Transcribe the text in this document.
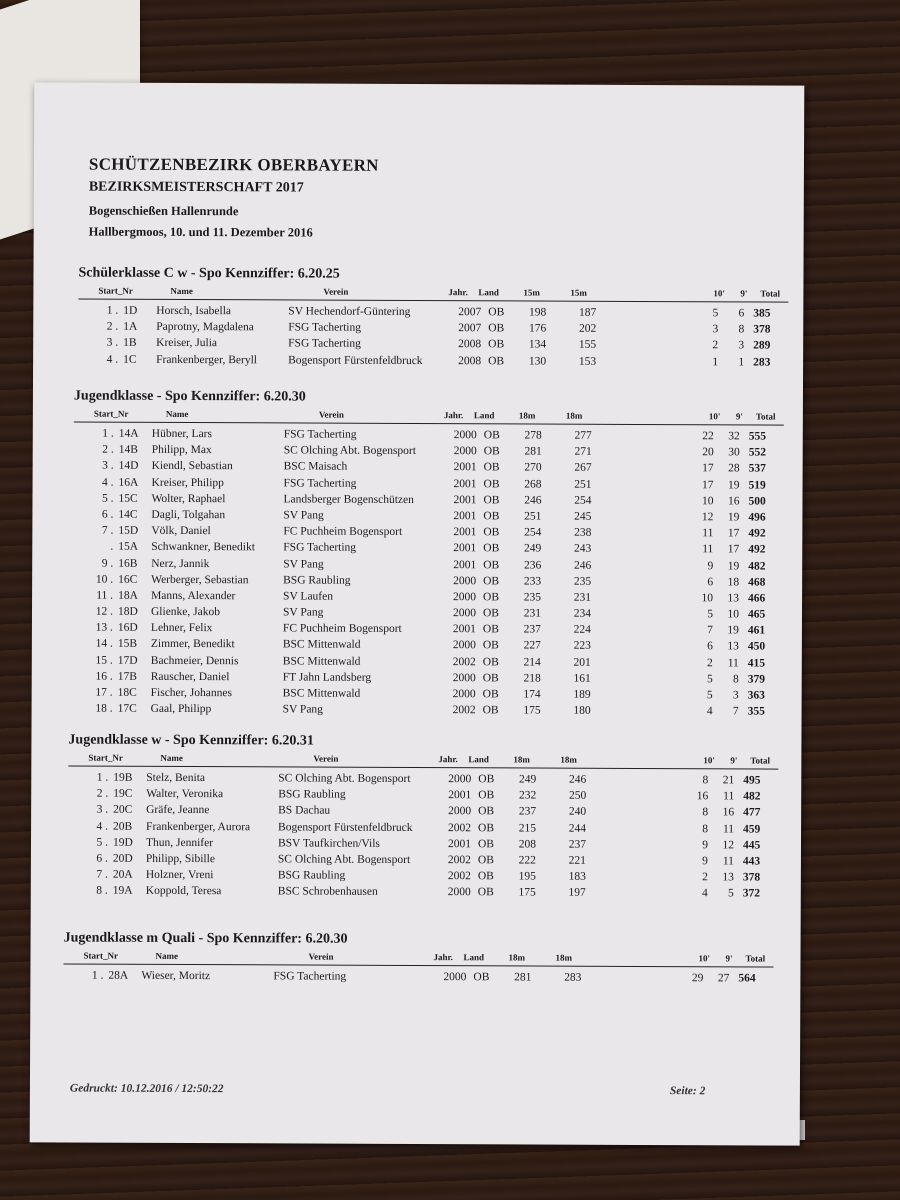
SCHÜTZENBEZIRK OBERBAYERN
BEZIRKSMEISTERSCHAFT 2017
Bogenschießen Hallenrunde
Hallbergmoos, 10. und 11. Dezember 2016
Schülerklasse C w - Spo Kennziffer: 6.20.25
Start_Nr	Name	Verein	Jahr. Land	15m	15m	10' 9' Total
1 . 1D Horsch, Isabella	SV Hechendorf-Güntering	2007 OB	198	187	5	6 385
2 . 1A Paprotny, Magdalena	FSG Tacherting	2007 OB	176	202	3	8 378
3 . 1B Kreiser, Julia	FSG Tacherting	2008 OB	134	155	2	3 289
4 . 1C Frankenberger, Beryll	Bogensport Fürstenfeldbruck	2008 OB	130	153	1	1 283
Jugendklasse - Spo Kennziffer: 6.20.30
Start_Nr	Name	Verein	Jahr. Land	18m	18m	10' 9' Total
1 . 14A Hübner, Lars	FSG Tacherting	2000 OB	278	277	22	32 555
2 . 14B Philipp, Max	SC Olching Abt. Bogensport	2000 OB	281	271	20	30 552
3 . 14D Kiendl, Sebastian	BSC Maisach	2001 OB	270	267	17	28 537
4 . 16A Kreiser, Philipp	FSG Tacherting	2001 OB	268	251	17	19 519
5 . 15C Wolter, Raphael	Landsberger Bogenschützen	2001 OB	246	254	10	16 500
6 . 14C Dagli, Tolgahan	SV Pang	2001 OB	251	245	12	19 496
7 . 15D Völk, Daniel	FC Puchheim Bogensport	2001 OB	254	238	11	17 492
. 15A Schwankner, Benedikt FSG Tacherting	2001 OB	249	243	11	17 492
9 . 16B Nerz, Jannik	SV Pang	2001 OB	236	246	9	19 482
10 . 16C Werberger, Sebastian	BSG Raubling	2000 OB	233	235	6	18 468
11 . 18A Manns, Alexander	SV Laufen	2000 OB	235	231	10	13 466
12 . 18D Glienke, Jakob	SV Pang	2000 OB	231	234	5	10 465
13 . 16D Lehner, Felix	FC Puchheim Bogensport	2001 OB	237	224	7	19 461
14 . 15B Zimmer, Benedikt	BSC Mittenwald	2000 OB	227	223	6	13 450
15 . 17D Bachmeier, Dennis	BSC Mittenwald	2002 OB	214	201	2	11 415
16 . 17B Rauscher, Daniel	FT Jahn Landsberg	2000 OB	218	161	5	8 379
17 . 18C Fischer, Johannes	BSC Mittenwald	2000 OB	174	189	5	3 363
18 . 17C Gaal, Philipp	SV Pang	2002 OB	175	180	4	7 355
Jugendklasse w - Spo Kennziffer: 6.20.31
Start_Nr	Name	Verein	Jahr. Land	18m	18m	10' 9' Total
1 . 19B Stelz, Benita	SC Olching Abt. Bogensport	2000 OB	249	246	8	21 495
2 . 19C Walter, Veronika	BSG Raubling	2001 OB	232	250	16	11 482
3 . 20C Gräfe, Jeanne	BS Dachau	2000 OB	237	240	8	16 477
4 . 20B Frankenberger, Aurora Bogensport Fürstenfeldbruck	2002 OB	215	244	8	11 459
5 . 19D Thun, Jennifer	BSV Taufkirchen/Vils	2001 OB	208	237	9	12 445
6 . 20D Philipp, Sibille	SC Olching Abt. Bogensport	2002 OB	222	221	9	11 443
7 . 20A Holzner, Vreni	BSG Raubling	2002 OB	195	183	2	13 378
8 . 19A Koppold, Teresa	BSC Schrobenhausen	2000 OB	175	197	4	5 372
Jugendklasse m Quali - Spo Kennziffer: 6.20.30
Start_Nr	Name	Verein	Jahr. Land	18m	18m	10' 9' Total
1 . 28A Wieser, Moritz	FSG Tacherting	2000 OB	281	283	29	27 564
Gedruckt: 10.12.2016 / 12:50:22	Seite: 2
